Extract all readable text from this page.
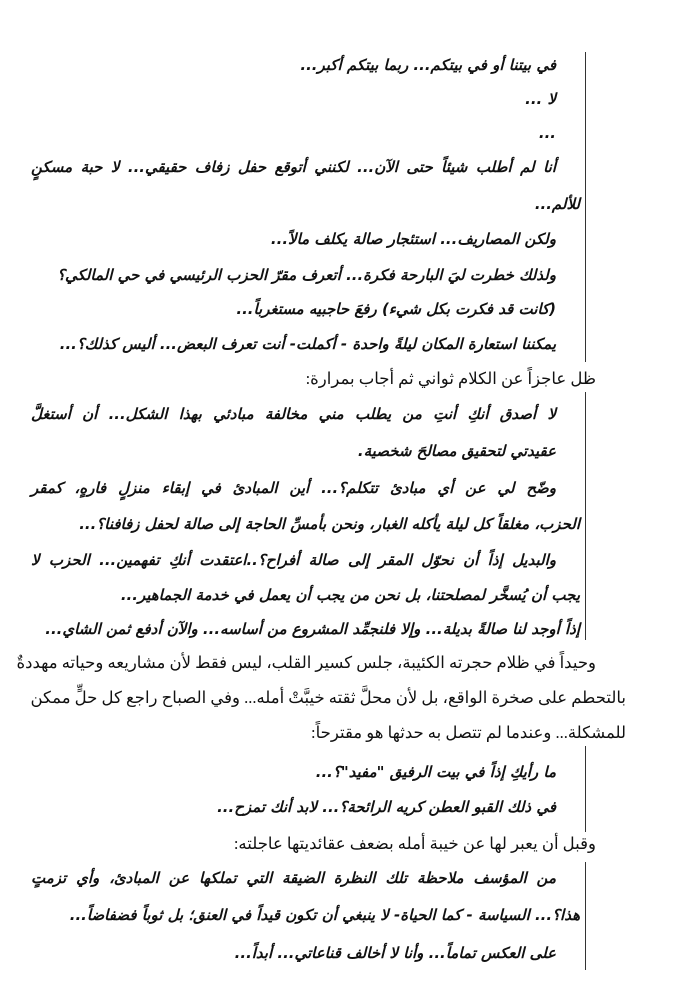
في بيتنا أو في بيتكم... ربما بيتكم أكبر...
لا ...
...
أنا لم أطلب شيئاً حتى الآن... لكنني أتوقع حفل زفاف حقيقي... لا حبة مسكنٍ
للألم...
ولكن المصاريف... استئجار صالة يكلف مالاً...
ولذلك خطرت ليَ البارحة فكرة... أتعرف مقرّ الحزب الرئيسي في حي المالكي؟
(كانت قد فكرت بكل شيء) رفعَ حاجبيه مستغرباً...
يمكننا استعارة المكان ليلةً واحدة - أكملت- أنت تعرف البعض... أليس كذلك؟...
ظل عاجزاً عن الكلام ثواني ثم أجاب بمرارة:
لا أصدق أنكِ أنتِ من يطلب مني مخالفة مبادئي بهذا الشكل... أن أستغلَّ
عقيدتي لتحقيق مصالحَ شخصية.
وضّح لي عن أي مبادئ تتكلم؟... أين المبادئ في إبقاء منزلٍ فارهٍ، كمقر
الحزب، مغلقاً كل ليلة يأكله الغبار، ونحن بأمسِّ الحاجة إلى صالة لحفل زفافنا؟...
والبديل إذاً أن نحوّل المقر إلى صالة أفراح؟..اعتقدت أنكِ تفهمين... الحزب لا
يجب أن يُسخَّر لمصلحتنا، بل نحن من يجب أن يعمل في خدمة الجماهير...
إذاً أوجد لنا صالةً بديلة... وإلا فلنجمِّد المشروع من أساسه... والآن أدفع ثمن الشاي...
وحيداً في ظلام حجرته الكئيبة، جلس كسير القلب، ليس فقط لأن مشاريعه وحياته مهددةٌ
بالتحطم على صخرة الواقع، بل لأن محلَّ ثقته خيبَّتْ أمله... وفي الصباح راجع كل حلٍّ ممكن
للمشكلة... وعندما لم تتصل به حدثها هو مقترحاً:
ما رأيكِ إذاً في بيت الرفيق "مفيد"؟...
في ذلك القبو العطن كريه الرائحة؟... لابد أنك تمزح...
وقبل أن يعبر لها عن خيبة أمله بضعف عقائديتها عاجلته:
من المؤسف ملاحظة تلك النظرة الضيقة التي تملكها عن المبادئ، وأي تزمتٍ
هذا؟... السياسة - كما الحياة- لا ينبغي أن تكون قيداً في العنق؛ بل ثوباً فضفاضاً...
على العكس تماماً... وأنا لا أخالف قناعاتي... أبداً...
